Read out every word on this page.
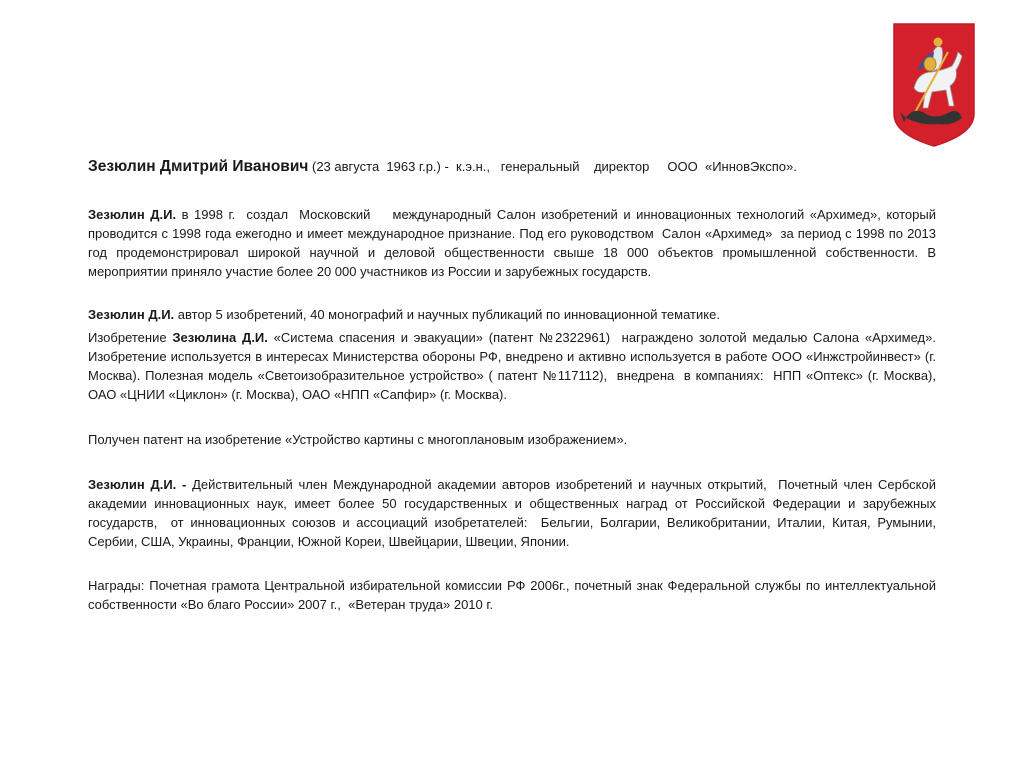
Зезюлин Дмитрий Иванович (23 августа  1963 г.р.) -  к.э.н.,   генеральный    директор     ООО  «ИнновЭкспо».

Зезюлин Д.И. в 1998 г.  создал  Московский    международный Салон изобретений и инновационных технологий «Архимед», который проводится с 1998 года ежегодно и имеет международное признание. Под его руководством  Салон «Архимед»  за период с 1998 по 2013 год продемонстрировал широкой научной и деловой общественности свыше 18 000 объектов промышленной собственности. В мероприятии приняло участие более 20 000 участников из России и зарубежных государств.

Зезюлин Д.И. автор 5 изобретений, 40 монографий и научных публикаций по инновационной тематике.

Изобретение Зезюлина Д.И. «Система спасения и эвакуации» (патент №2322961)  награждено золотой медалью Салона «Архимед». Изобретение используется в интересах Министерства обороны РФ, внедрено и активно используется в работе ООО «Инжстройинвест» (г. Москва). Полезная модель «Светоизобразительное устройство» ( патент №117112),  внедрена  в компаниях:  НПП «Оптекс» (г. Москва),  ОАО «ЦНИИ «Циклон» (г. Москва), ОАО «НПП «Сапфир» (г. Москва).

Получен патент на изобретение «Устройство картины с многоплановым изображением».

Зезюлин Д.И. - Действительный член Международной академии авторов изобретений и научных открытий,  Почетный член Сербской академии инновационных наук, имеет более 50 государственных и общественных наград от Российской Федерации и зарубежных государств,  от инновационных союзов и ассоциаций изобретателей:  Бельгии, Болгарии, Великобритании, Италии, Китая, Румынии, Сербии, США, Украины, Франции, Южной Кореи, Швейцарии, Швеции, Японии.

Награды: Почетная грамота Центральной избирательной комиссии РФ 2006г., почетный знак Федеральной службы по интеллектуальной собственности «Во благо России» 2007 г.,  «Ветеран труда» 2010 г.
